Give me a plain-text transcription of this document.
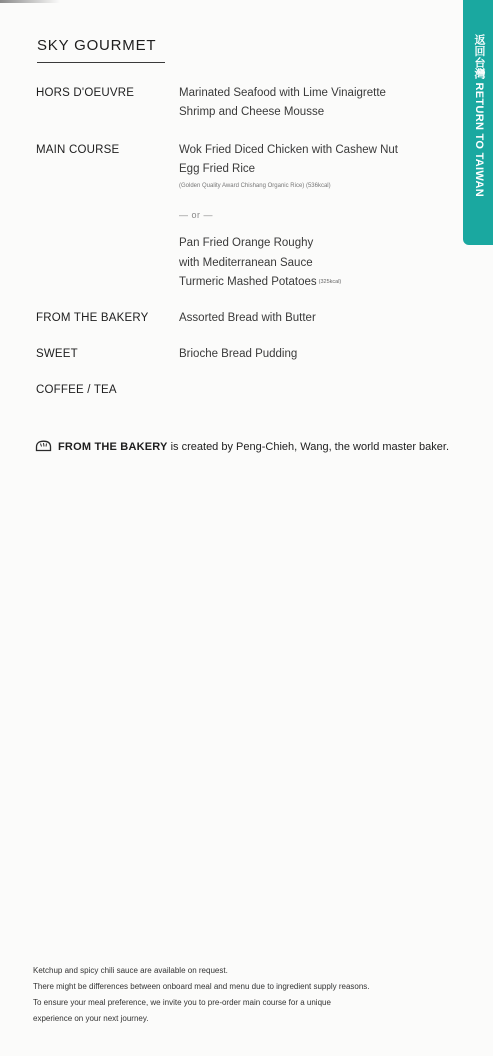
返回台灣 RETURN TO TAIWAN
SKY GOURMET
HORS D'OEUVRE	Marinated Seafood with Lime Vinaigrette
Shrimp and Cheese Mousse
MAIN COURSE	Wok Fried Diced Chicken with Cashew Nut
Egg Fried Rice
(Golden Quality Award Chishang Organic Rice) (536kcal)
— or —
Pan Fried Orange Roughy
with Mediterranean Sauce
Turmeric Mashed Potatoes $^{(325kcal)}$
FROM THE BAKERY	Assorted Bread with Butter
SWEET	Brioche Bread Pudding
COFFEE / TEA
FROM THE BAKERY is created by Peng-Chieh, Wang, the world master baker.
Ketchup and spicy chili sauce are available on request.
There might be differences between onboard meal and menu due to ingredient supply reasons.
To ensure your meal preference, we invite you to pre-order main course for a unique
experience on your next journey.
